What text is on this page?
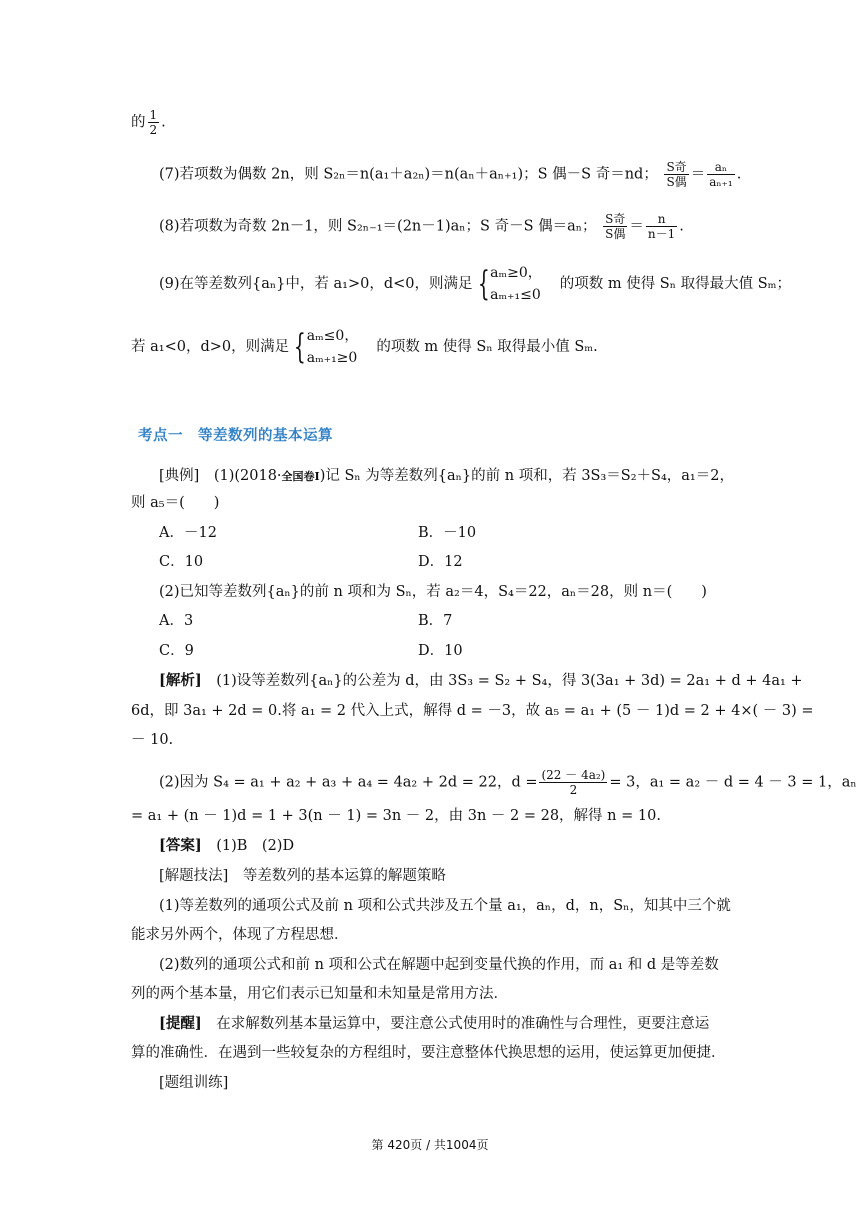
的 $\frac{1}{2}$ .
(7)若项数为偶数 2n，则 S₂ₙ＝n(a₁＋a₂ₙ)＝n(aₙ＋aₙ₊₁)；S 偶－S 奇＝nd； $\frac{\text{S奇}}{\text{S偶}} = \frac{\text{aₙ}}{\text{aₙ₊₁}}$ .
(8)若项数为奇数 2n－1，则 S₂ₙ₋₁＝(2n－1)aₙ；S 奇－S 偶＝aₙ； $\frac{\text{S奇}}{\text{S偶}} = \frac{n}{n-1}$ .
(9)在等差数列{aₙ}中，若 a₁>0，d<0，则满足 { aₘ≥0，
aₘ₊₁≤0
的项数 m 使得 Sₙ 取得最大值 Sₘ；
若 a₁<0，d>0，则满足 { aₘ≤0，
aₘ₊₁≥0
的项数 m 使得 Sₙ 取得最小值 Sₘ.
考点一　等差数列的基本运算
[典例]　 (1)(2018·全国卷Ⅰ)记 Sₙ 为等差数列{aₙ}的前 n 项和，若 3S₃＝S₂＋S₄，a₁＝2，
则 a₅＝(　　)
A．－12	B．－10
C．10	D．12
(2)已知等差数列{aₙ}的前 n 项和为 Sₙ，若 a₂＝4，S₄＝22，aₙ＝28，则 n＝(　　)
A．3	B．7
C．9	D．10
[解析]　 (1)设等差数列{aₙ}的公差为 d，由 3S₃ = S₂ + S₄，得 3(3a₁ + 3d) = 2a₁ + d + 4a₁ +
6d，即 3a₁ + 2d = 0.将 a₁ = 2 代入上式，解得 d = －3，故 a₅ = a₁ + (5 － 1)d = 2 + 4×( － 3) =
－ 10.
(2)因为 S₄ = a₁ + a₂ + a₃ + a₄ = 4a₂ + 2d = 22，$d = \frac{\text{(22 － 4a₂)}}{2} = 3$，a₁ = a₂ － d = 4 － 3 = 1，aₙ
= a₁ + (n － 1)d = 1 + 3(n － 1) = 3n － 2，由 3n － 2 = 28，解得 n = 10.
[答案]　 (1)B　(2)D
[解题技法]　 等差数列的基本运算的解题策略
(1)等差数列的通项公式及前 n 项和公式共涉及五个量 a₁，aₙ，d，n，Sₙ，知其中三个就
能求另外两个，体现了方程思想．
(2)数列的通项公式和前 n 项和公式在解题中起到变量代换的作用，而 a₁ 和 d 是等差数
列的两个基本量，用它们表示已知量和未知量是常用方法．
[提醒]　 在求解数列基本量运算中，要注意公式使用时的准确性与合理性，更要注意运
算的准确性．在遇到一些较复杂的方程组时，要注意整体代换思想的运用，使运算更加便捷．
[题组训练]
第 420页 / 共1004页
